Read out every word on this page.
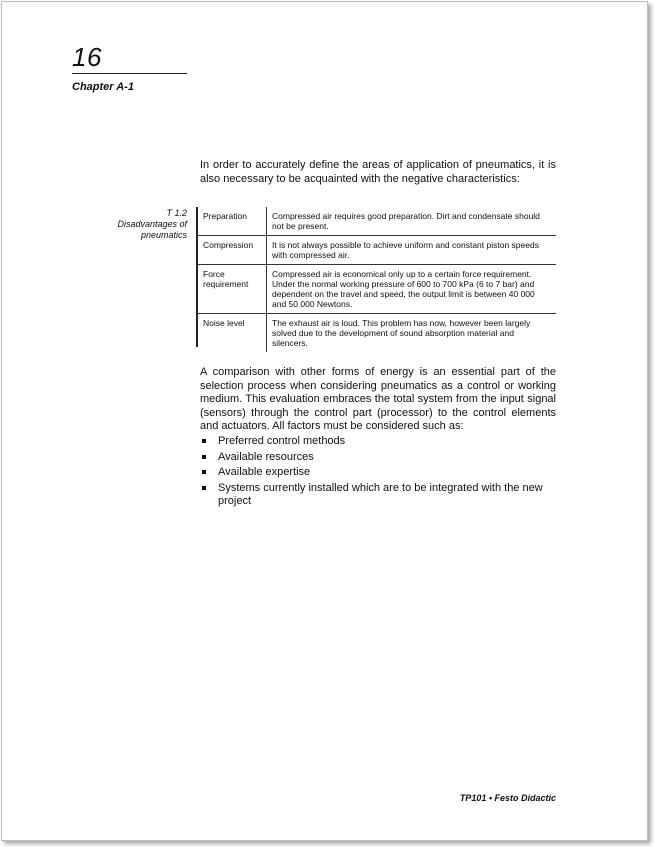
16
Chapter A-1
In order to accurately define the areas of application of pneumatics, it is also necessary to be acquainted with the negative characteristics:
T 1.2
Disadvantages of
pneumatics
Preparation	Compressed air requires good preparation. Dirt and condensate should not be present.
Compression	It is not always possible to achieve uniform and constant piston speeds with compressed air.
Force requirement	Compressed air is economical only up to a certain force requirement. Under the normal working pressure of 600 to 700 kPa (6 to 7 bar) and dependent on the travel and speed, the output limit is between 40 000 and 50 000 Newtons.
Noise level	The exhaust air is loud. This problem has now, however been largely solved due to the development of sound absorption material and silencers.
A comparison with other forms of energy is an essential part of the selection process when considering pneumatics as a control or working medium. This evaluation embraces the total system from the input signal (sensors) through the control part (processor) to the control elements and actuators. All factors must be considered such as:
Preferred control methods
Available resources
Available expertise
Systems currently installed which are to be integrated with the new project
TP101 • Festo Didactic
